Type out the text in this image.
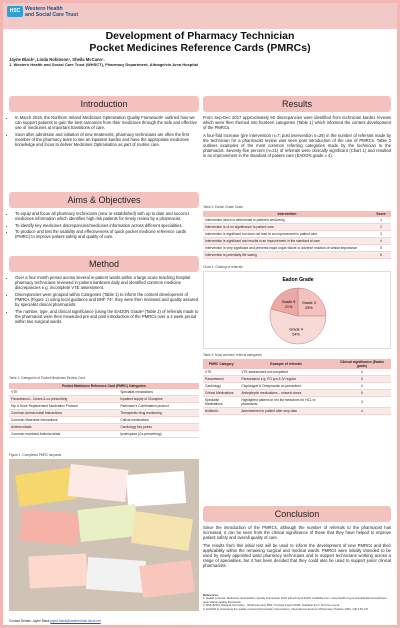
HSC Western Health
and Social Care Trust
Development of Pharmacy Technician
Pocket Medicines Reference Cards (PMRCs)
Jayne Black¹, Linda Robinson¹, Sheila McCann¹.
1. Western Health and Social Care Trust (WHSCT), Pharmacy Department, Altnagelvin Area Hospital
Introduction
• In March 2016, the Northern Ireland Medicines Optimisation Quality Framework¹ outlined how we can support patients to gain the best outcomes from their medicines through the safe and effective use of medicines at important transitions of care.
• Soon after admission and initiation of new treatments, pharmacy technicians are often the first member of the pharmacy team to see an inpatient kardex and have the appropriate medicines knowledge and focus to deliver Medicines Optimisation as part of routine care.
Aims & Objectives
• To equip and focus all pharmacy technicians (new or established) with up to date and succinct medicines information which identifies high risk patients for timely review by a pharmacist.
• To identify key medicines discrepancies/medicines information across different specialities.
• To produce and test the usability and effectiveness of quick pocket medicine reference cards (PMRC) to improve patient safety and quality of care.
Method
• Over a four month period across several in-patient wards within a large acute teaching hospital pharmacy technicians reviewed in-patient kardexes daily and identified common medicine discrepancies e.g. incomplete VTE assessment.
• Discrepancies were grouped within Categories (Table 1) to inform the content development of PMRCs (Figure 1) using local guidance and BNF 74², they were then reviewed and quality assured by specialist clinical pharmacists.
• The number, type, and clinical significance (using the EADON Grade³ (Table 2) of referrals made to the pharmacist were then measured pre and post introduction of the PMRCs over a 2 week period within two surgical wards.
Table 1: Categories of Pocket Medicines Review Card
Pocket Medicines Reference Card (PMRC) Categories	
VTE	Specialist medications
Paracetamol – Doses & co-prescribing	Inpatient supply of Clozapine
Hip & Knee Replacement Medication Protocol	Parkinson's Combination product
Common Antimicrobial Interactions	Therapeutic drug monitoring
Common Macrolide Interactions	Critical medications
Antimicrobials	Cardiology key points
Common restricted Antimicrobials	Ipratropium (Co-prescribing)
Figure 1: Completed PMRC lanyards
Results

From Sep-Dec 2017 approximately 60 discrepancies were identified from technician kardex reviews which were then themed into fourteen categories (Table 1) which informed the content development of the PMRCs.

A four-fold increase (pre intervention n=7; post intervention n=28) in the number of referrals made by the technician for a pharmacist review was seen post introduction of the use of PMRCs. Table 3 outlines examples of the most common referring categories made by the technician to the pharmacist. Seventy-five percent (n=21) of referrals were clinically significant (Chart 1) and resulted in an improvement in the standard of patient care (EADON grade ≥ 4).

Table 2: Eadon Grade Scale
Intervention	Score
Intervention which is detrimental to patient's well-being	1
Intervention is of no significance to patient care	2
Intervention is significant but does not lead to an improvement in patient care	3
Intervention is significant and results in an improvement in the standard of care	4
Intervention is very significant and prevents major organ failure or adverse reaction of similar importance	5
Intervention is potentially life saving	6
Chart 1: Grading of referrals
Eadon Grade
Grade 3
25%
Grade 4
54%
Grade 5
21%
Table 3: Most common referral categories
PMRC Category	Example of referrals	Clinical significance (Eadon grade)
VTE	VTE assessment not completed	4
Paracetamol	Paracetamol e.g. PO prn & IV regular	5
Cardiology	Clopidogrel & Omeprazole co-prescribed	4
Critical Medications	Antiepileptic medications – missed doses	5
Specialist Medications	Highlighted patient on red list medicines for HCL to pharmacist	3
Antibiotic	Administered to patient after stop date	4
Conclusion

Since the introduction of the PMRCs, although the number of referrals to the pharmacist has increased, it can be seen from the clinical significance of these that they have helped to improve patient safety and overall quality of care.

The results from this initial test will be used to inform the development of new PMRCs and their applicability within the remaining surgical and medical wards. PMRCs were initially intended to be used by newly appointed ward pharmacy technicians and to support technicians working across a range of specialities, but it has been decided that they could also be used to support junior clinical pharmacists.

References:
1. Health & Social. Medicines Optimisation Quality Framework 2016 [cited 9 April 2018]. Available from: www.health-ni.gov.uk/publications/medicines-optimisation-quality-framework
2. BNF British National Formulary - NICE [internet]. BNF 74 [cited 9 April 2018]. Available from: bnf.nice.org.uk
3. EADON H. Assessing the quality of ward pharmacists' interventions. International Journal of Pharmacy Practice 1992; 1(3):145-147
Contact Details: Jayne Black jayne.black@westerntrust.hscni.net
